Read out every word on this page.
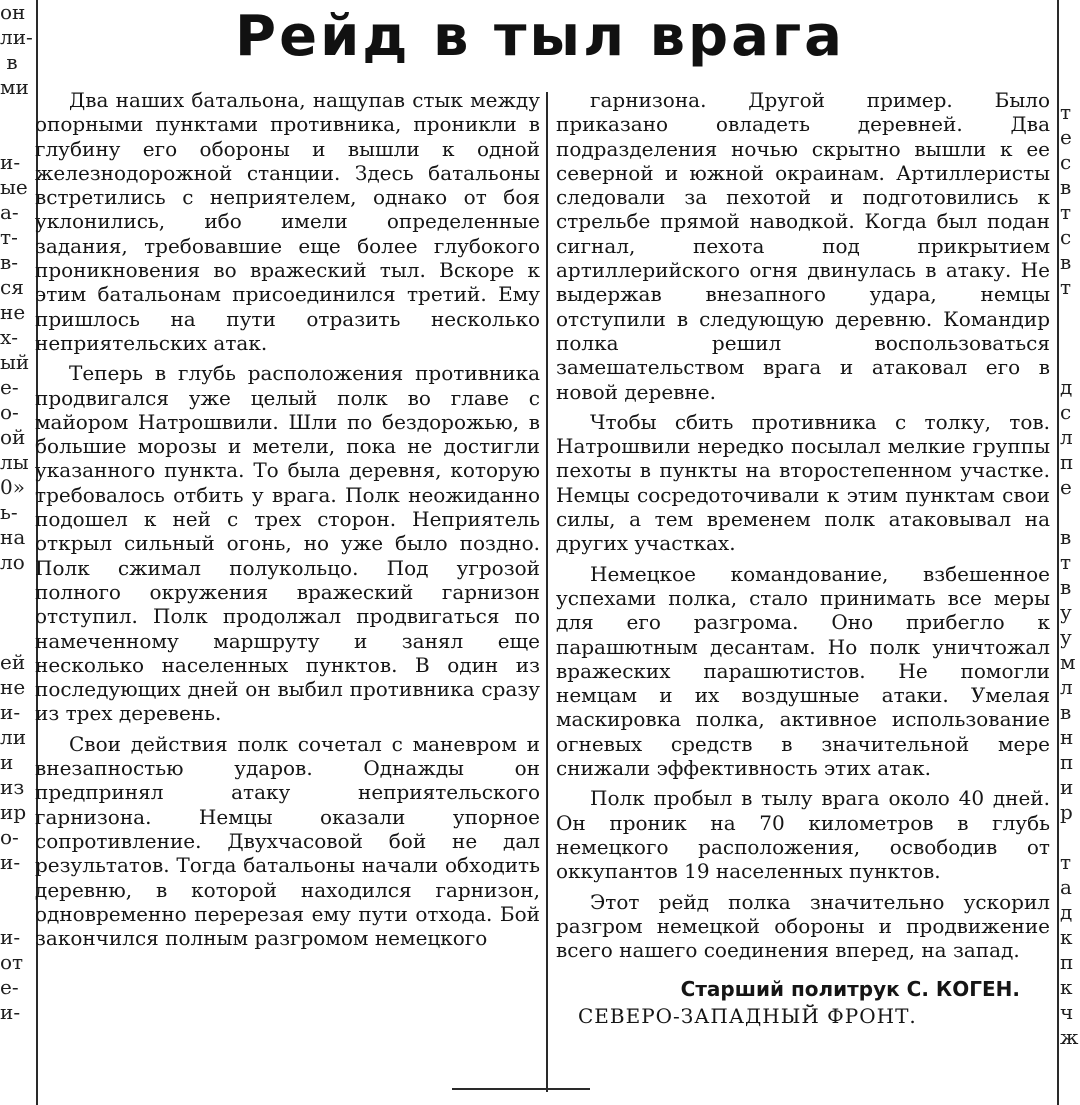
он
ли-
в
ми

и-
ые
а-
т-
в-
ся
не
х-
ый
е-
о-
ой
лы
0»
ь-
на
ло

ей
не
и-
ли
и
из
ир
о-
и-

и-
от
е-
и-

т
е
с
в
т
с
в
т

д
с
л
п
е

в
т
в
у
у
м
л
в
н
п
и
р

т
а
д
к
п
к
ч
ж
Рейд в тыл врага

Два наших батальона, нащупав стык между опорными пунктами противника, проникли в глубину его обороны и вышли к одной железнодорожной станции. Здесь батальоны встретились с неприятелем, однако от боя уклонились, ибо имели определенные задания, требовавшие еще более глубокого проникновения во вражеский тыл. Вскоре к этим батальонам присоединился третий. Ему пришлось на пути отразить несколько неприятельских атак.

Теперь в глубь расположения противника продвигался уже целый полк во главе с майором Натрошвили. Шли по бездорожью, в большие морозы и метели, пока не достигли указанного пункта. То была деревня, которую требовалось отбить у врага. Полк неожиданно подошел к ней с трех сторон. Неприятель открыл сильный огонь, но уже было поздно. Полк сжимал полукольцо. Под угрозой полного окружения вражеский гарнизон отступил. Полк продолжал продвигаться по намеченному маршруту и занял еще несколько населенных пунктов. В один из последующих дней он выбил противника сразу из трех деревень.

Свои действия полк сочетал с маневром и внезапностью ударов. Однажды он предпринял атаку неприятельского гарнизона. Немцы оказали упорное сопротивление. Двухчасовой бой не дал результатов. Тогда батальоны начали обходить деревню, в которой находился гарнизон, одновременно перерезая ему пути отхода. Бой закончился полным разгромом немецкого

гарнизона. Другой пример. Было приказано овладеть деревней. Два подразделения ночью скрытно вышли к ее северной и южной окраинам. Артиллеристы следовали за пехотой и подготовились к стрельбе прямой наводкой. Когда был подан сигнал, пехота под прикрытием артиллерийского огня двинулась в атаку. Не выдержав внезапного удара, немцы отступили в следующую деревню. Командир полка решил воспользоваться замешательством врага и атаковал его в новой деревне.

Чтобы сбить противника с толку, тов. Натрошвили нередко посылал мелкие группы пехоты в пункты на второстепенном участке. Немцы сосредоточивали к этим пунктам свои силы, а тем временем полк атаковывал на других участках.

Немецкое командование, взбешенное успехами полка, стало принимать все меры для его разгрома. Оно прибегло к парашютным десантам. Но полк уничтожал вражеских парашютистов. Не помогли немцам и их воздушные атаки. Умелая маскировка полка, активное использование огневых средств в значительной мере снижали эффективность этих атак.

Полк пробыл в тылу врага около 40 дней. Он проник на 70 километров в глубь немецкого расположения, освободив от оккупантов 19 населенных пунктов.

Этот рейд полка значительно ускорил разгром немецкой обороны и продвижение всего нашего соединения вперед, на запад.

Старший политрук С. КОГЕН.
СЕВЕРО-ЗАПАДНЫЙ ФРОНТ.
